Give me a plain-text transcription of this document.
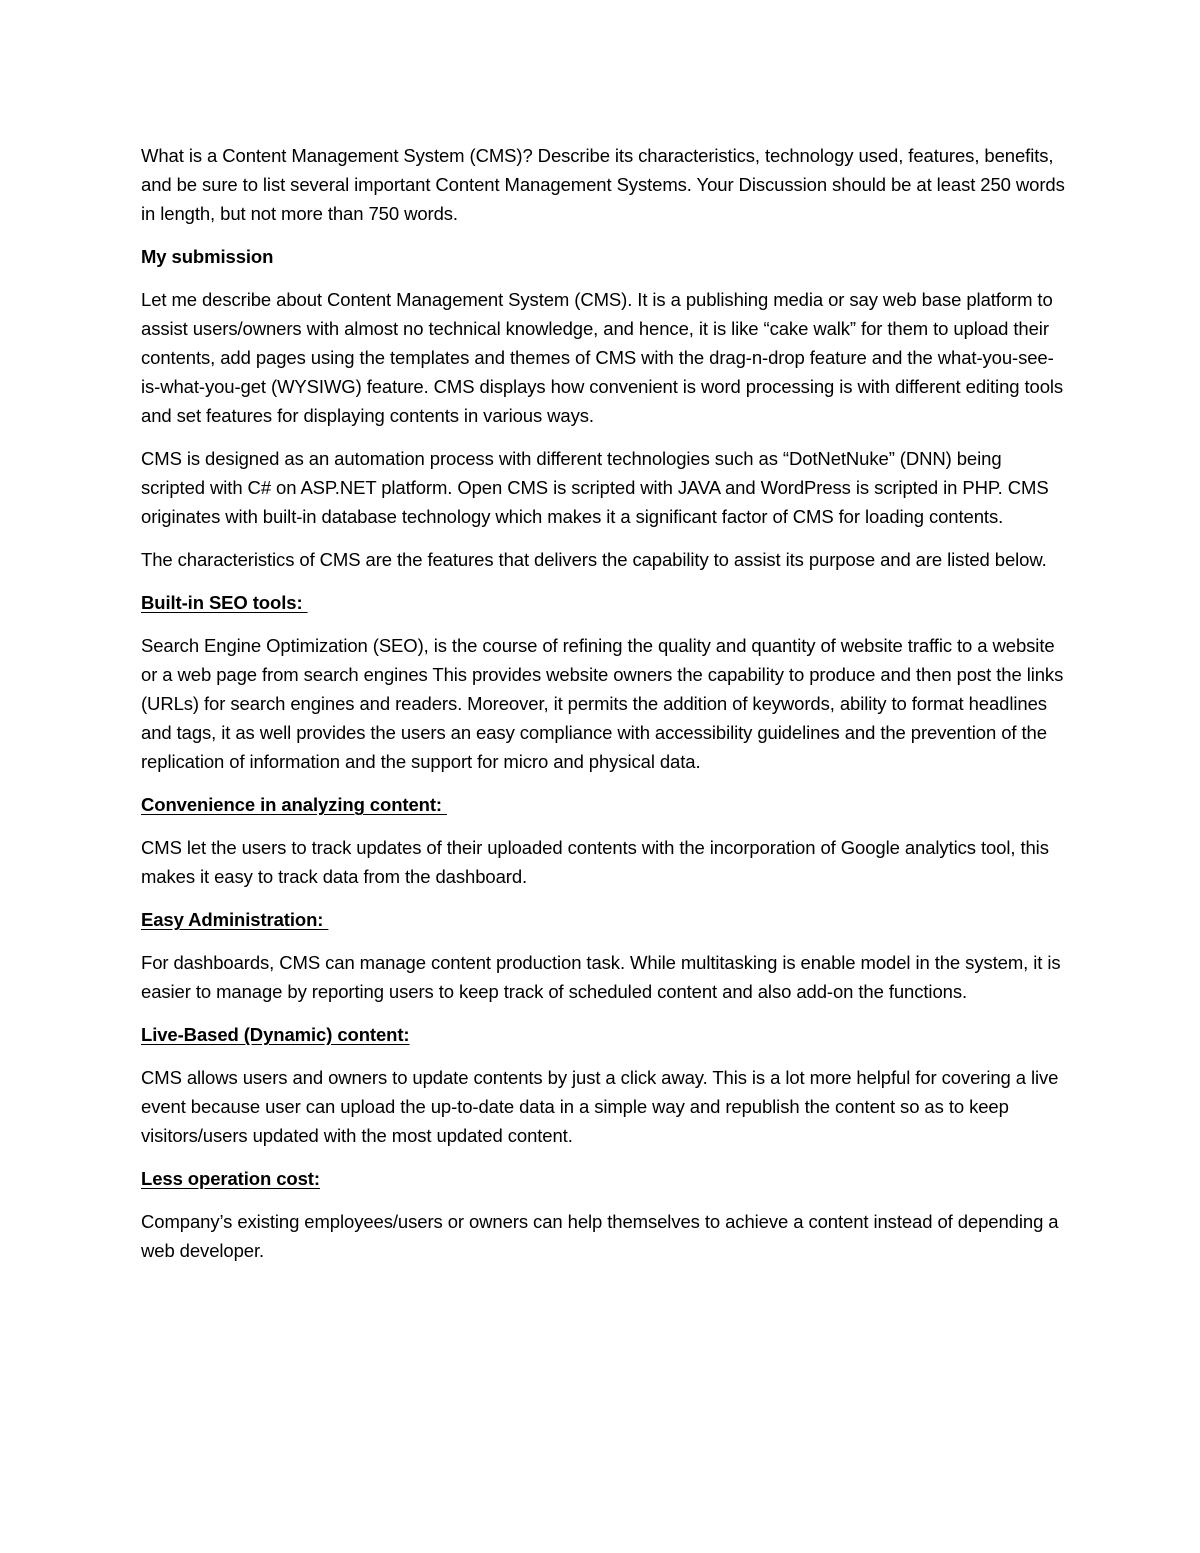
What is a Content Management System (CMS)? Describe its characteristics, technology used, features, benefits, and be sure to list several important Content Management Systems. Your Discussion should be at least 250 words in length, but not more than 750 words.

My submission

Let me describe about Content Management System (CMS). It is a publishing media or say web base platform to assist users/owners with almost no technical knowledge, and hence, it is like “cake walk” for them to upload their contents, add pages using the templates and themes of CMS with the drag-n-drop feature and the what-you-see-is-what-you-get (WYSIWG) feature. CMS displays how convenient is word processing is with different editing tools and set features for displaying contents in various ways.

CMS is designed as an automation process with different technologies such as “DotNetNuke” (DNN) being scripted with C# on ASP.NET platform. Open CMS is scripted with JAVA and WordPress is scripted in PHP. CMS originates with built-in database technology which makes it a significant factor of CMS for loading contents.

The characteristics of CMS are the features that delivers the capability to assist its purpose and are listed below.

Built-in SEO tools:

Search Engine Optimization (SEO), is the course of refining the quality and quantity of website traffic to a website or a web page from search engines This provides website owners the capability to produce and then post the links (URLs) for search engines and readers. Moreover, it permits the addition of keywords, ability to format headlines and tags, it as well provides the users an easy compliance with accessibility guidelines and the prevention of the replication of information and the support for micro and physical data.

Convenience in analyzing content:

CMS let the users to track updates of their uploaded contents with the incorporation of Google analytics tool, this makes it easy to track data from the dashboard.

Easy Administration:

For dashboards, CMS can manage content production task. While multitasking is enable model in the system, it is easier to manage by reporting users to keep track of scheduled content and also add-on the functions.

Live-Based (Dynamic) content:

CMS allows users and owners to update contents by just a click away. This is a lot more helpful for covering a live event because user can upload the up-to-date data in a simple way and republish the content so as to keep visitors/users updated with the most updated content.

Less operation cost:

Company’s existing employees/users or owners can help themselves to achieve a content instead of depending a web developer.
